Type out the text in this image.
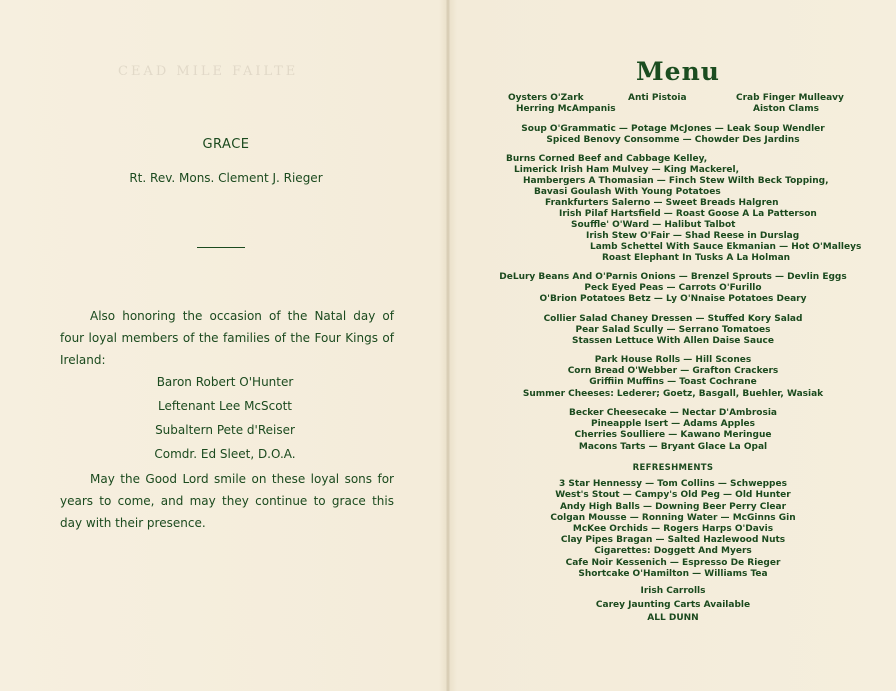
CEAD MILE FAILTE
GRACE
Rt. Rev. Mons. Clement J. Rieger
Also honoring the occasion of the Natal day of four loyal members of the families of the Four Kings of Ireland:
Baron Robert O'Hunter
Leftenant Lee McScott
Subaltern Pete d'Reiser
Comdr. Ed Sleet, D.O.A.
May the Good Lord smile on these loyal sons for years to come, and may they continue to grace this day with their presence.
Menu
Oysters O'Zark	Anti Pistoia	Crab Finger Mulleavy
Herring McAmpanis	Aiston Clams
Soup O'Grammatic — Potage McJones — Leak Soup Wendler
Spiced Benovy Consomme — Chowder Des Jardins
Burns Corned Beef and Cabbage Kelley,
Limerick Irish Ham Mulvey — King Mackerel,
Hambergers A Thomasian — Finch Stew Wilth Beck Topping,
Bavasi Goulash With Young Potatoes
Frankfurters Salerno — Sweet Breads Halgren
Irish Pilaf Hartsfield — Roast Goose A La Patterson
Souffle' O'Ward — Halibut Talbot
Irish Stew O'Fair — Shad Reese in Durslag
Lamb Schettel With Sauce Ekmanian — Hot O'Malleys
Roast Elephant In Tusks A La Holman
DeLury Beans And O'Parnis Onions — Brenzel Sprouts — Devlin Eggs
Peck Eyed Peas — Carrots O'Furillo
O'Brion Potatoes Betz — Ly O'Nnaise Potatoes Deary
Collier Salad Chaney Dressen — Stuffed Kory Salad
Pear Salad Scully — Serrano Tomatoes
Stassen Lettuce With Allen Daise Sauce
Park House Rolls — Hill Scones
Corn Bread O'Webber — Grafton Crackers
Griffiin Muffins — Toast Cochrane
Summer Cheeses: Lederer; Goetz, Basgall, Buehler, Wasiak
Becker Cheesecake — Nectar D'Ambrosia
Pineapple Isert — Adams Apples
Cherries Soulliere — Kawano Meringue
Macons Tarts — Bryant Glace La Opal
REFRESHMENTS
3 Star Hennessy — Tom Collins — Schweppes
West's Stout — Campy's Old Peg — Old Hunter
Andy High Balls — Downing Beer Perry Clear
Colgan Mousse — Ronning Water — McGinns Gin
McKee Orchids — Rogers Harps O'Davis
Clay Pipes Bragan — Salted Hazlewood Nuts
Cigarettes: Doggett And Myers
Cafe Noir Kessenich — Espresso De Rieger
Shortcake O'Hamilton — Williams Tea
Irish Carrolls
Carey Jaunting Carts Available
ALL DUNN
